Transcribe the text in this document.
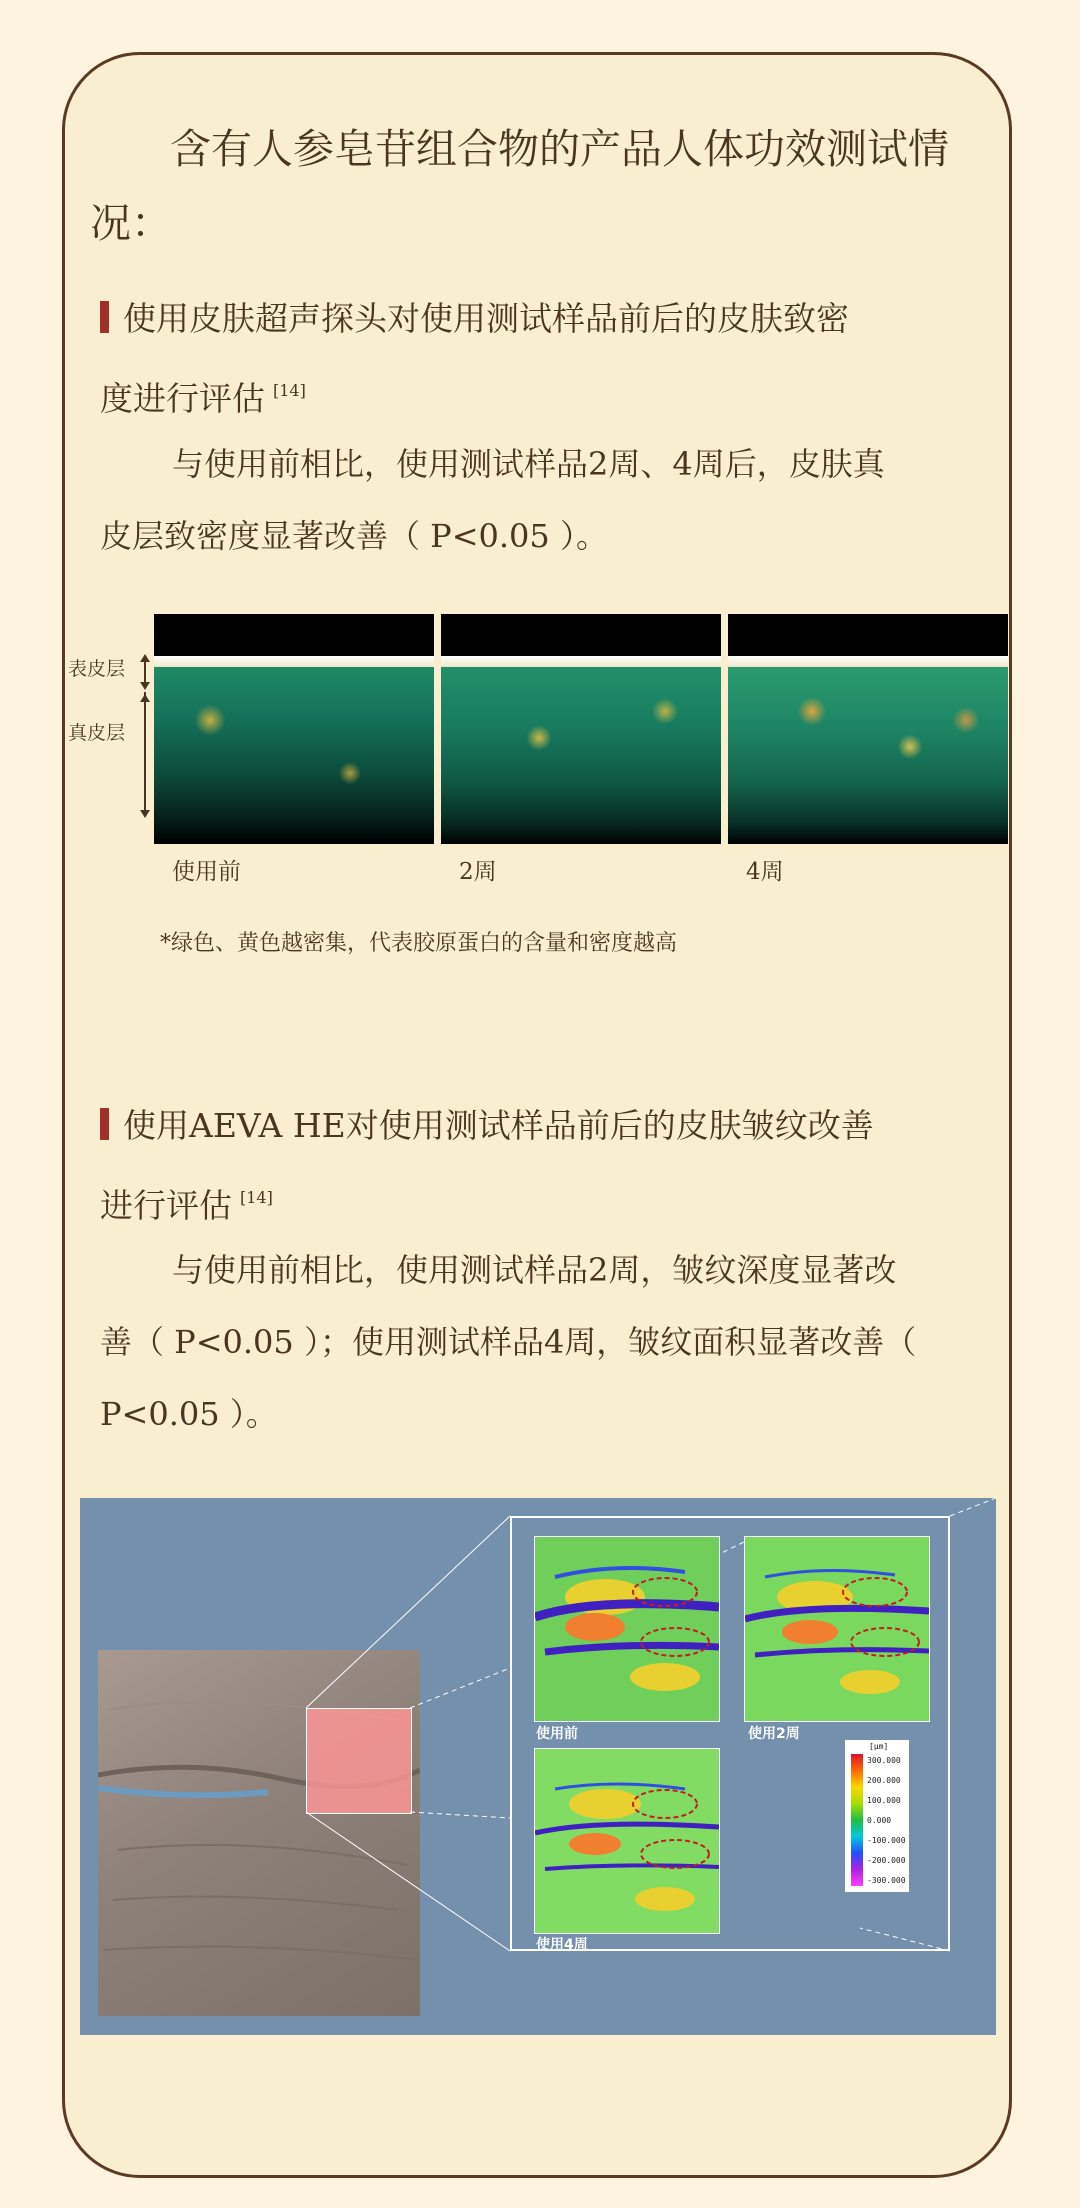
含有人参皂苷组合物的产品人体功效测试情
况：
使用皮肤超声探头对使用测试样品前后的皮肤致密
度进行评估 [14]

与使用前相比，使用测试样品2周、4周后，皮肤真
皮层致密度显著改善（ P<0.05 ）。

表皮层
真皮层
使用前	2周	4周

*绿色、黄色越密集，代表胶原蛋白的含量和密度越高

使用AEVA HE对使用测试样品前后的皮肤皱纹改善
进行评估 [14]

与使用前相比，使用测试样品2周，皱纹深度显著改
善（ P<0.05 ）；使用测试样品4周，皱纹面积显著改善（
P<0.05 ）。

使用前	使用2周
使用4周
[µm]
300.000
200.000
100.000
0.000
-100.000
-200.000
-300.000
